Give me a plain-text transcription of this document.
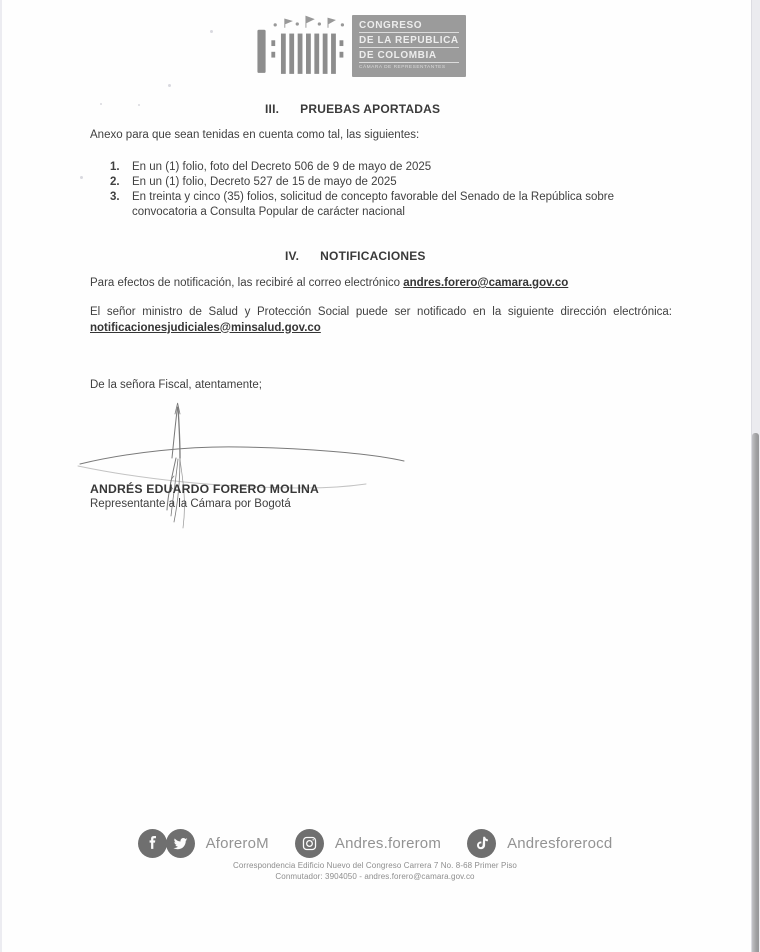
CONGRESO
DE LA REPÚBLICA
DE COLOMBIA
CÁMARA DE REPRESENTANTES
III. PRUEBAS APORTADAS

Anexo para que sean tenidas en cuenta como tal, las siguientes:

1.	En un (1) folio, foto del Decreto 506 de 9 de mayo de 2025
2.	En un (1) folio, Decreto 527 de 15 de mayo de 2025
3.	En treinta y cinco (35) folios, solicitud de concepto favorable del Senado de la República sobre convocatoria a Consulta Popular de carácter nacional
IV. NOTIFICACIONES

Para efectos de notificación, las recibiré al correo electrónico andres.forero@camara.gov.co

El señor ministro de Salud y Protección Social puede ser notificado en la siguiente dirección electrónica: notificacionesjudiciales@minsalud.gov.co

De la señora Fiscal, atentamente;

ANDRÉS EDUARDO FORERO MOLINA
Representante a la Cámara por Bogotá
AforeroM	Andres.forerom	Andresforerocd
Correspondencia Edificio Nuevo del Congreso Carrera 7 No. 8-68 Primer Piso
Conmutador: 3904050 - andres.forero@camara.gov.co
